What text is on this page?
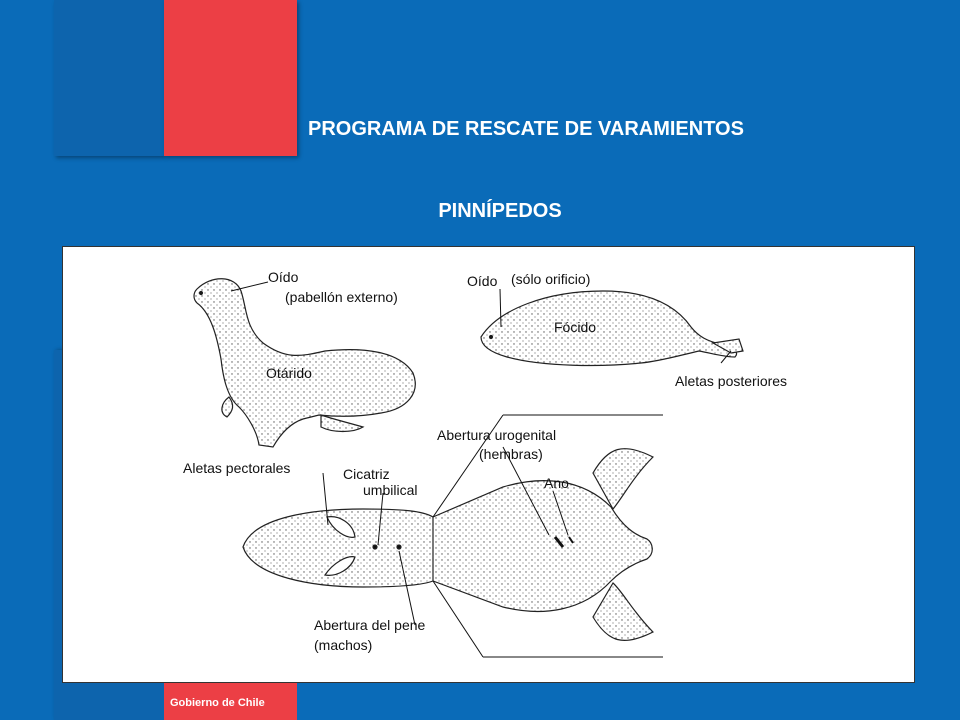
Gobierno de Chile
PROGRAMA DE RESCATE DE VARAMIENTOS
PINNÍPEDOS
Oído
(pabellón externo)
Otárido
Oído (sólo orificio)
Fócido
Aletas posteriores
Aletas pectorales	Cicatriz
umbilical
Abertura urogenital
(hembras)
Ano
Abertura del pene
(machos)
